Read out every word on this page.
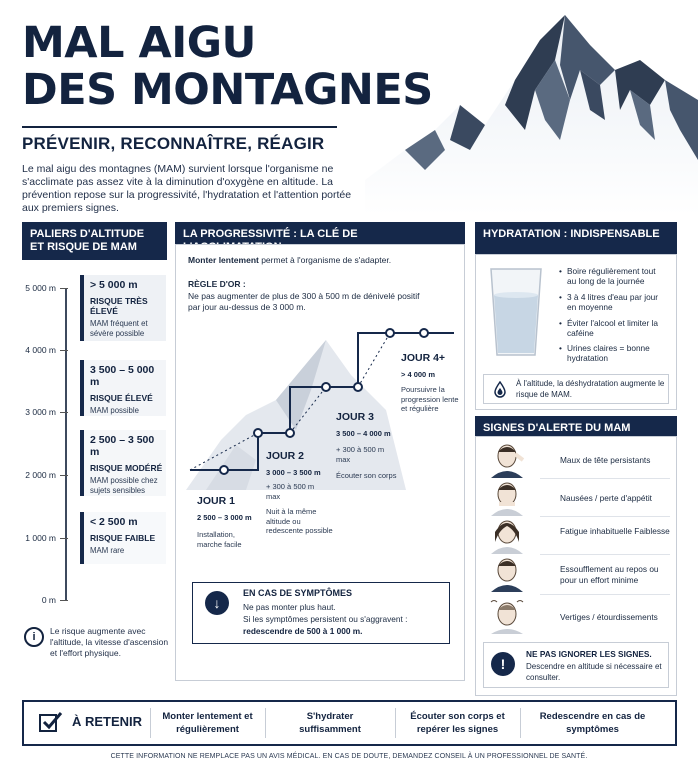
MAL AIGU
DES MONTAGNES
PRÉVENIR, RECONNAÎTRE, RÉAGIR
Le mal aigu des montagnes (MAM) survient lorsque l'organisme ne s'acclimate pas assez vite à la diminution d'oxygène en altitude. La prévention repose sur la progressivité, l'hydratation et l'attention portée aux premiers signes.
PALIERS D'ALTITUDE ET RISQUE DE MAM
5 000 m
4 000 m
3 000 m
2 000 m
1 000 m
0 m
> 5 000 m
RISQUE TRÈS ÉLEVÉ
MAM fréquent et sévère possible
3 500 – 5 000 m
RISQUE ÉLEVÉ
MAM possible
2 500 – 3 500 m
RISQUE MODÉRÉ
MAM possible chez sujets sensibles
< 2 500 m
RISQUE FAIBLE
MAM rare
i	Le risque augmente avec l'altitude, la vitesse d'ascension et l'effort physique.
LA PROGRESSIVITÉ : LA CLÉ DE L'ACCLIMATATION
Monter lentement permet à l'organisme de s'adapter.
RÈGLE D'OR :
Ne pas augmenter de plus de 300 à 500 m de dénivelé positif par jour au-dessus de 3 000 m.
JOUR 1
2 500 – 3 000 m
Installation, marche facile
JOUR 2
3 000 – 3 500 m
+ 300 à 500 m max
Nuit à la même altitude ou redescente possible
JOUR 3
3 500 – 4 000 m
+ 300 à 500 m max
Écouter son corps
JOUR 4+
> 4 000 m
Poursuivre la progression lente et régulière
↓
EN CAS DE SYMPTÔMES
Ne pas monter plus haut.
Si les symptômes persistent ou s'aggravent :
redescendre de 500 à 1 000 m.
HYDRATATION : INDISPENSABLE
• Boire régulièrement tout au long de la journée
• 3 à 4 litres d'eau par jour en moyenne
• Éviter l'alcool et limiter la caféine
• Urines claires = bonne hydratation
À l'altitude, la déshydratation augmente le risque de MAM.
SIGNES D'ALERTE DU MAM
Maux de tête persistants
Nausées / perte d'appétit
Fatigue inhabituelle Faiblesse
Essoufflement au repos ou pour un effort minime
Vertiges / étourdissements
!
NE PAS IGNORER LES SIGNES.
Descendre en altitude si nécessaire et consulter.
À RETENIR Monter lentement et régulièrement
S'hydrater suffisamment
Écouter son corps et repérer les signes
Redescendre en cas de symptômes
CETTE INFORMATION NE REMPLACE PAS UN AVIS MÉDICAL. EN CAS DE DOUTE, DEMANDEZ CONSEIL À UN PROFESSIONNEL DE SANTÉ.
